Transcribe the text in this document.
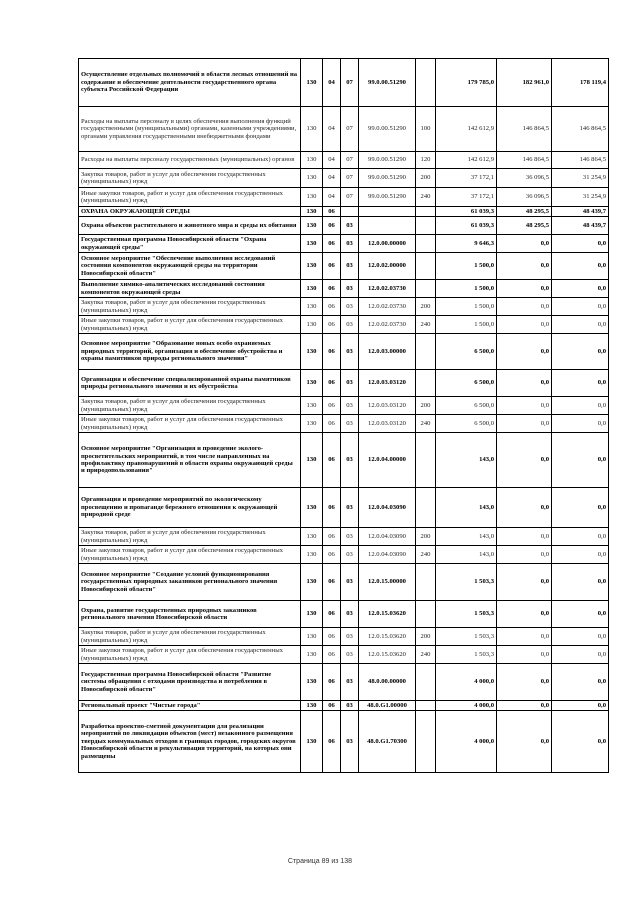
Осуществление отдельных полномочий в области лесных отношений на содержание и обеспечение деятельности государственного органа субъекта Российской Федерации	130	04	07	99.0.00.51290		179 785,0	182 961,0	178 119,4
Расходы на выплаты персоналу в целях обеспечения выполнения функций государственными (муниципальными) органами, казенными учреждениями, органами управления государственными внебюджетными фондами	130	04	07	99.0.00.51290	100	142 612,9	146 864,5	146 864,5
Расходы на выплаты персоналу государственных (муниципальных) органов	130	04	07	99.0.00.51290	120	142 612,9	146 864,5	146 864,5
Закупка товаров, работ и услуг для обеспечения государственных (муниципальных) нужд	130	04	07	99.0.00.51290	200	37 172,1	36 096,5	31 254,9
Иные закупки товаров, работ и услуг для обеспечения государственных (муниципальных) нужд	130	04	07	99.0.00.51290	240	37 172,1	36 096,5	31 254,9
ОХРАНА ОКРУЖАЮЩЕЙ СРЕДЫ	130	06				61 039,3	48 295,5	48 439,7
Охрана объектов растительного и животного мира и среды их обитания	130	06	03			61 039,3	48 295,5	48 439,7
Государственная программа Новосибирской области "Охрана окружающей среды"	130	06	03	12.0.00.00000		9 646,3	0,0	0,0
Основное мероприятие "Обеспечение выполнения исследований состояния компонентов окружающей среды на территории Новосибирской области"	130	06	03	12.0.02.00000		1 500,0	0,0	0,0
Выполнение химико-аналитических исследований состояния компонентов окружающей среды	130	06	03	12.0.02.03730		1 500,0	0,0	0,0
Закупка товаров, работ и услуг для обеспечения государственных (муниципальных) нужд	130	06	03	12.0.02.03730	200	1 500,0	0,0	0,0
Иные закупки товаров, работ и услуг для обеспечения государственных (муниципальных) нужд	130	06	03	12.0.02.03730	240	1 500,0	0,0	0,0
Основное мероприятие "Образование новых особо охраняемых природных территорий, организация и обеспечение обустройства и охраны памятников природы регионального значения"	130	06	03	12.0.03.00000		6 500,0	0,0	0,0
Организация и обеспечение специализированной охраны памятников природы регионального значения и их обустройства	130	06	03	12.0.03.03120		6 500,0	0,0	0,0
Закупка товаров, работ и услуг для обеспечения государственных (муниципальных) нужд	130	06	03	12.0.03.03120	200	6 500,0	0,0	0,0
Иные закупки товаров, работ и услуг для обеспечения государственных (муниципальных) нужд	130	06	03	12.0.03.03120	240	6 500,0	0,0	0,0
Основное мероприятие "Организация и проведение эколого-просветительских мероприятий, в том числе направленных на профилактику правонарушений в области охраны окружающей среды и природопользования"	130	06	03	12.0.04.00000		143,0	0,0	0,0
Организация и проведение мероприятий по экологическому просвещению и пропаганде бережного отношения к окружающей природной среде	130	06	03	12.0.04.03090		143,0	0,0	0,0
Закупка товаров, работ и услуг для обеспечения государственных (муниципальных) нужд	130	06	03	12.0.04.03090	200	143,0	0,0	0,0
Иные закупки товаров, работ и услуг для обеспечения государственных (муниципальных) нужд	130	06	03	12.0.04.03090	240	143,0	0,0	0,0
Основное мероприятие "Создание условий функционирования государственных природных заказников регионального значения Новосибирской области"	130	06	03	12.0.15.00000		1 503,3	0,0	0,0
Охрана, развитие государственных природных заказников регионального значения Новосибирской области	130	06	03	12.0.15.03620		1 503,3	0,0	0,0
Закупка товаров, работ и услуг для обеспечения государственных (муниципальных) нужд	130	06	03	12.0.15.03620	200	1 503,3	0,0	0,0
Иные закупки товаров, работ и услуг для обеспечения государственных (муниципальных) нужд	130	06	03	12.0.15.03620	240	1 503,3	0,0	0,0
Государственная программа Новосибирской области "Развитие системы обращения с отходами производства и потребления в Новосибирской области"	130	06	03	48.0.00.00000		4 000,0	0,0	0,0
Региональный проект "Чистые города"	130	06	03	48.0.G1.00000		4 000,0	0,0	0,0
Разработка проектно-сметной документации для реализации мероприятий по ликвидации объектов (мест) незаконного размещения твердых коммунальных отходов в границах городов, городских округов Новосибирской области и рекультивация территорий, на которых они размещены	130	06	03	48.0.G1.70300		4 000,0	0,0	0,0
Страница 89 из 138
